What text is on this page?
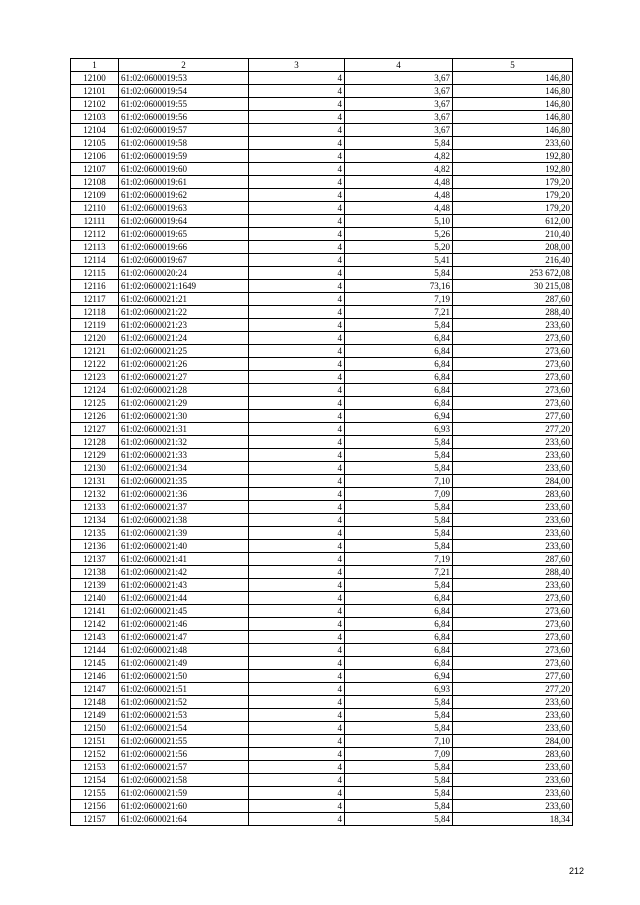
1	2	3	4	5
12100	61:02:0600019:53	4	3,67	146,80
12101	61:02:0600019:54	4	3,67	146,80
12102	61:02:0600019:55	4	3,67	146,80
12103	61:02:0600019:56	4	3,67	146,80
12104	61:02:0600019:57	4	3,67	146,80
12105	61:02:0600019:58	4	5,84	233,60
12106	61:02:0600019:59	4	4,82	192,80
12107	61:02:0600019:60	4	4,82	192,80
12108	61:02:0600019:61	4	4,48	179,20
12109	61:02:0600019:62	4	4,48	179,20
12110	61:02:0600019:63	4	4,48	179,20
12111	61:02:0600019:64	4	5,10	612,00
12112	61:02:0600019:65	4	5,26	210,40
12113	61:02:0600019:66	4	5,20	208,00
12114	61:02:0600019:67	4	5,41	216,40
12115	61:02:0600020:24	4	5,84	253 672,08
12116	61:02:0600021:1649	4	73,16	30 215,08
12117	61:02:0600021:21	4	7,19	287,60
12118	61:02:0600021:22	4	7,21	288,40
12119	61:02:0600021:23	4	5,84	233,60
12120	61:02:0600021:24	4	6,84	273,60
12121	61:02:0600021:25	4	6,84	273,60
12122	61:02:0600021:26	4	6,84	273,60
12123	61:02:0600021:27	4	6,84	273,60
12124	61:02:0600021:28	4	6,84	273,60
12125	61:02:0600021:29	4	6,84	273,60
12126	61:02:0600021:30	4	6,94	277,60
12127	61:02:0600021:31	4	6,93	277,20
12128	61:02:0600021:32	4	5,84	233,60
12129	61:02:0600021:33	4	5,84	233,60
12130	61:02:0600021:34	4	5,84	233,60
12131	61:02:0600021:35	4	7,10	284,00
12132	61:02:0600021:36	4	7,09	283,60
12133	61:02:0600021:37	4	5,84	233,60
12134	61:02:0600021:38	4	5,84	233,60
12135	61:02:0600021:39	4	5,84	233,60
12136	61:02:0600021:40	4	5,84	233,60
12137	61:02:0600021:41	4	7,19	287,60
12138	61:02:0600021:42	4	7,21	288,40
12139	61:02:0600021:43	4	5,84	233,60
12140	61:02:0600021:44	4	6,84	273,60
12141	61:02:0600021:45	4	6,84	273,60
12142	61:02:0600021:46	4	6,84	273,60
12143	61:02:0600021:47	4	6,84	273,60
12144	61:02:0600021:48	4	6,84	273,60
12145	61:02:0600021:49	4	6,84	273,60
12146	61:02:0600021:50	4	6,94	277,60
12147	61:02:0600021:51	4	6,93	277,20
12148	61:02:0600021:52	4	5,84	233,60
12149	61:02:0600021:53	4	5,84	233,60
12150	61:02:0600021:54	4	5,84	233,60
12151	61:02:0600021:55	4	7,10	284,00
12152	61:02:0600021:56	4	7,09	283,60
12153	61:02:0600021:57	4	5,84	233,60
12154	61:02:0600021:58	4	5,84	233,60
12155	61:02:0600021:59	4	5,84	233,60
12156	61:02:0600021:60	4	5,84	233,60
12157	61:02:0600021:64	4	5,84	18,34
212
